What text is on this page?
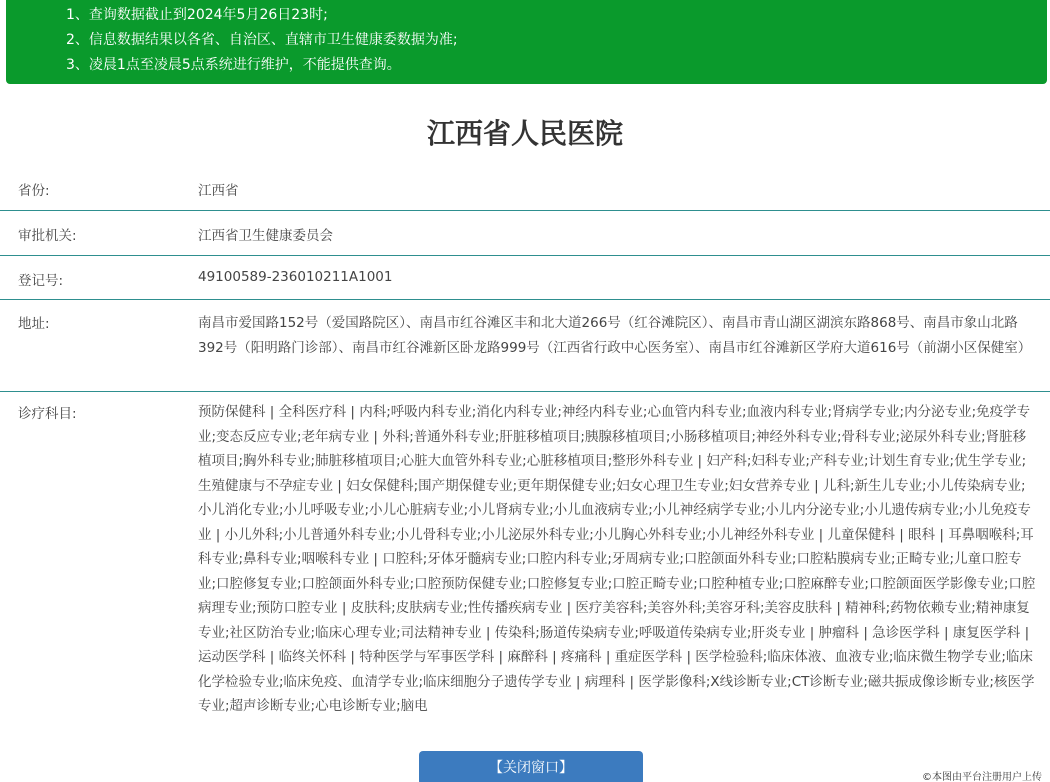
1、查询数据截止到2024年5月26日23时;
2、信息数据结果以各省、自治区、直辖市卫生健康委数据为准;
3、凌晨1点至凌晨5点系统进行维护，不能提供查询。
江西省人民医院
省份:	江西省
审批机关:	江西省卫生健康委员会
登记号:	49100589-236010211A1001
地址:	南昌市爱国路152号（爱国路院区）、南昌市红谷滩区丰和北大道266号（红谷滩院区）、南昌市青山湖区湖滨东路868号、南昌市象山北路392号（阳明路门诊部）、南昌市红谷滩新区卧龙路999号（江西省行政中心医务室）、南昌市红谷滩新区学府大道616号（前湖小区保健室）
诊疗科目:	预防保健科 | 全科医疗科 | 内科;呼吸内科专业;消化内科专业;神经内科专业;心血管内科专业;血液内科专业;肾病学专业;内分泌专业;免疫学专业;变态反应专业;老年病专业 | 外科;普通外科专业;肝脏移植项目;胰腺移植项目;小肠移植项目;神经外科专业;骨科专业;泌尿外科专业;肾脏移植项目;胸外科专业;肺脏移植项目;心脏大血管外科专业;心脏移植项目;整形外科专业 | 妇产科;妇科专业;产科专业;计划生育专业;优生学专业;生殖健康与不孕症专业 | 妇女保健科;围产期保健专业;更年期保健专业;妇女心理卫生专业;妇女营养专业 | 儿科;新生儿专业;小儿传染病专业;小儿消化专业;小儿呼吸专业;小儿心脏病专业;小儿肾病专业;小儿血液病专业;小儿神经病学专业;小儿内分泌专业;小儿遗传病专业;小儿免疫专业 | 小儿外科;小儿普通外科专业;小儿骨科专业;小儿泌尿外科专业;小儿胸心外科专业;小儿神经外科专业 | 儿童保健科 | 眼科 | 耳鼻咽喉科;耳科专业;鼻科专业;咽喉科专业 | 口腔科;牙体牙髓病专业;口腔内科专业;牙周病专业;口腔颌面外科专业;口腔粘膜病专业;正畸专业;儿童口腔专业;口腔修复专业;口腔颌面外科专业;口腔预防保健专业;口腔修复专业;口腔正畸专业;口腔种植专业;口腔麻醉专业;口腔颌面医学影像专业;口腔病理专业;预防口腔专业 | 皮肤科;皮肤病专业;性传播疾病专业 | 医疗美容科;美容外科;美容牙科;美容皮肤科 | 精神科;药物依赖专业;精神康复专业;社区防治专业;临床心理专业;司法精神专业 | 传染科;肠道传染病专业;呼吸道传染病专业;肝炎专业 | 肿瘤科 | 急诊医学科 | 康复医学科 | 运动医学科 | 临终关怀科 | 特种医学与军事医学科 | 麻醉科 | 疼痛科 | 重症医学科 | 医学检验科;临床体液、血液专业;临床微生物学专业;临床化学检验专业;临床免疫、血清学专业;临床细胞分子遗传学专业 | 病理科 | 医学影像科;X线诊断专业;CT诊断专业;磁共振成像诊断专业;核医学专业;超声诊断专业;心电诊断专业;脑电
【关闭窗口】
©本图由平台注册用户上传
